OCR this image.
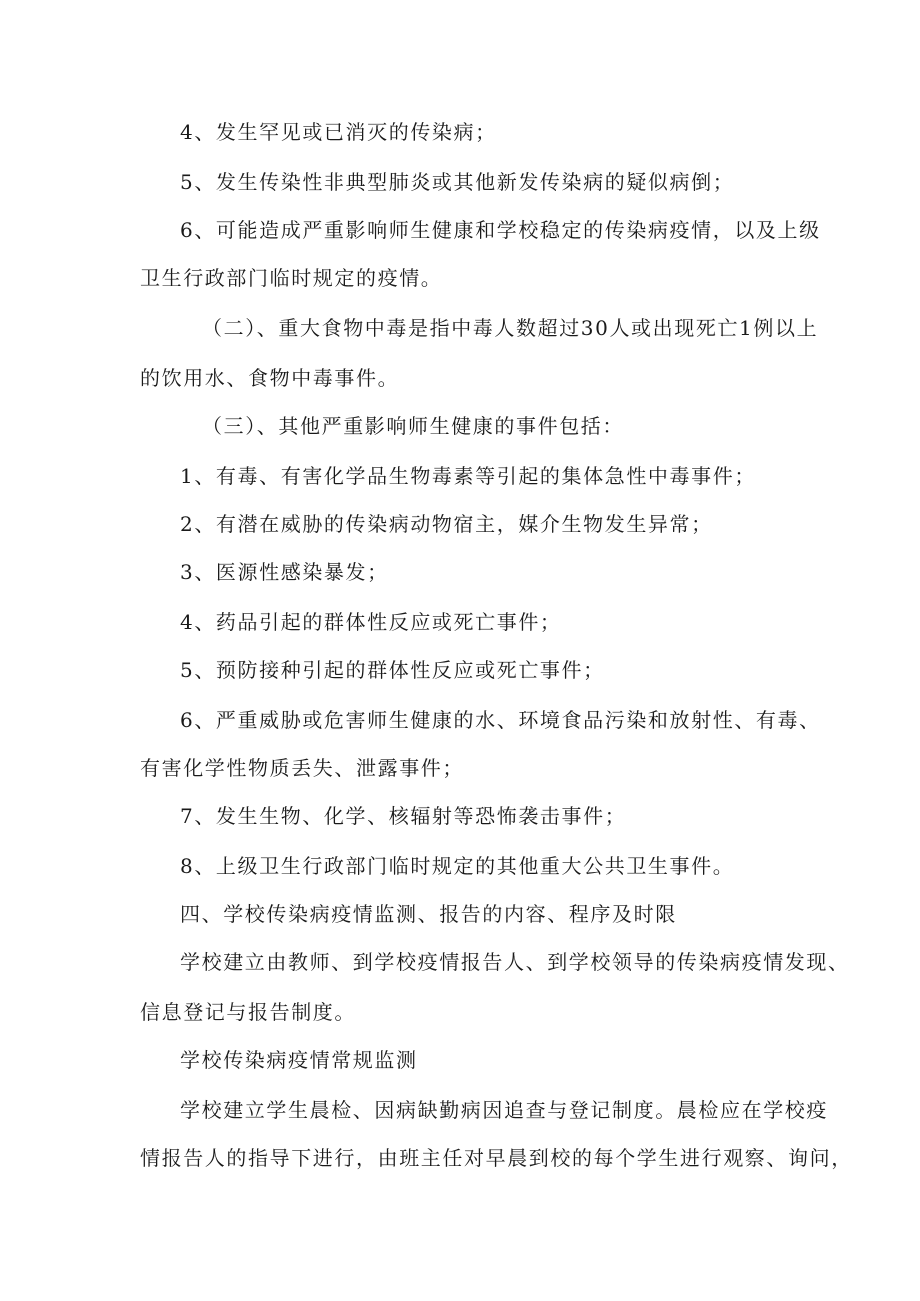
4、发生罕见或已消灭的传染病；
5、发生传染性非典型肺炎或其他新发传染病的疑似病倒；
6、可能造成严重影响师生健康和学校稳定的传染病疫情，以及上级
卫生行政部门临时规定的疫情。
（二）、重大食物中毒是指中毒人数超过30人或出现死亡1例以上
的饮用水、食物中毒事件。
（三）、其他严重影响师生健康的事件包括：
1、有毒、有害化学品生物毒素等引起的集体急性中毒事件；
2、有潜在威胁的传染病动物宿主，媒介生物发生异常；
3、医源性感染暴发；
4、药品引起的群体性反应或死亡事件；
5、预防接种引起的群体性反应或死亡事件；
6、严重威胁或危害师生健康的水、环境食品污染和放射性、有毒、
有害化学性物质丢失、泄露事件；
7、发生生物、化学、核辐射等恐怖袭击事件；
8、上级卫生行政部门临时规定的其他重大公共卫生事件。
四、学校传染病疫情监测、报告的内容、程序及时限
学校建立由教师、到学校疫情报告人、到学校领导的传染病疫情发现、
信息登记与报告制度。
学校传染病疫情常规监测
学校建立学生晨检、因病缺勤病因追查与登记制度。晨检应在学校疫
情报告人的指导下进行，由班主任对早晨到校的每个学生进行观察、询问，
